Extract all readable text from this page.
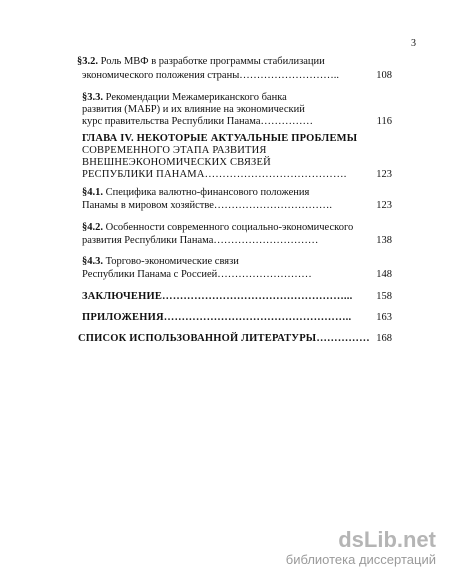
3
§3.2. Роль МВФ в разработке программы стабилизации
экономического положения страны………………………..	108
§3.3. Рекомендации Межамериканского банка
развития (МАБР) и их влияние на экономический
курс правительства Республики Панама……………	116
ГЛАВА IV. НЕКОТОРЫЕ АКТУАЛЬНЫЕ ПРОБЛЕМЫ
СОВРЕМЕННОГО ЭТАПА РАЗВИТИЯ
ВНЕШНЕЭКОНОМИЧЕСКИХ СВЯЗЕЙ
РЕСПУБЛИКИ ПАНАМА………………………………….	123
§4.1. Специфика валютно-финансового положения
Панамы в мировом хозяйстве…………………………….	123
§4.2. Особенности современного социально-экономического
развития Республики Панама…………………………	138
§4.3. Торгово-экономические связи
Республики Панама с Россией………………………	148
ЗАКЛЮЧЕНИЕ……………………………………………...	158
ПРИЛОЖЕНИЯ……………………………………………..	163
СПИСОК ИСПОЛЬЗОВАННОЙ ЛИТЕРАТУРЫ…………… 168
dsLib.net
библиотека диссертаций
